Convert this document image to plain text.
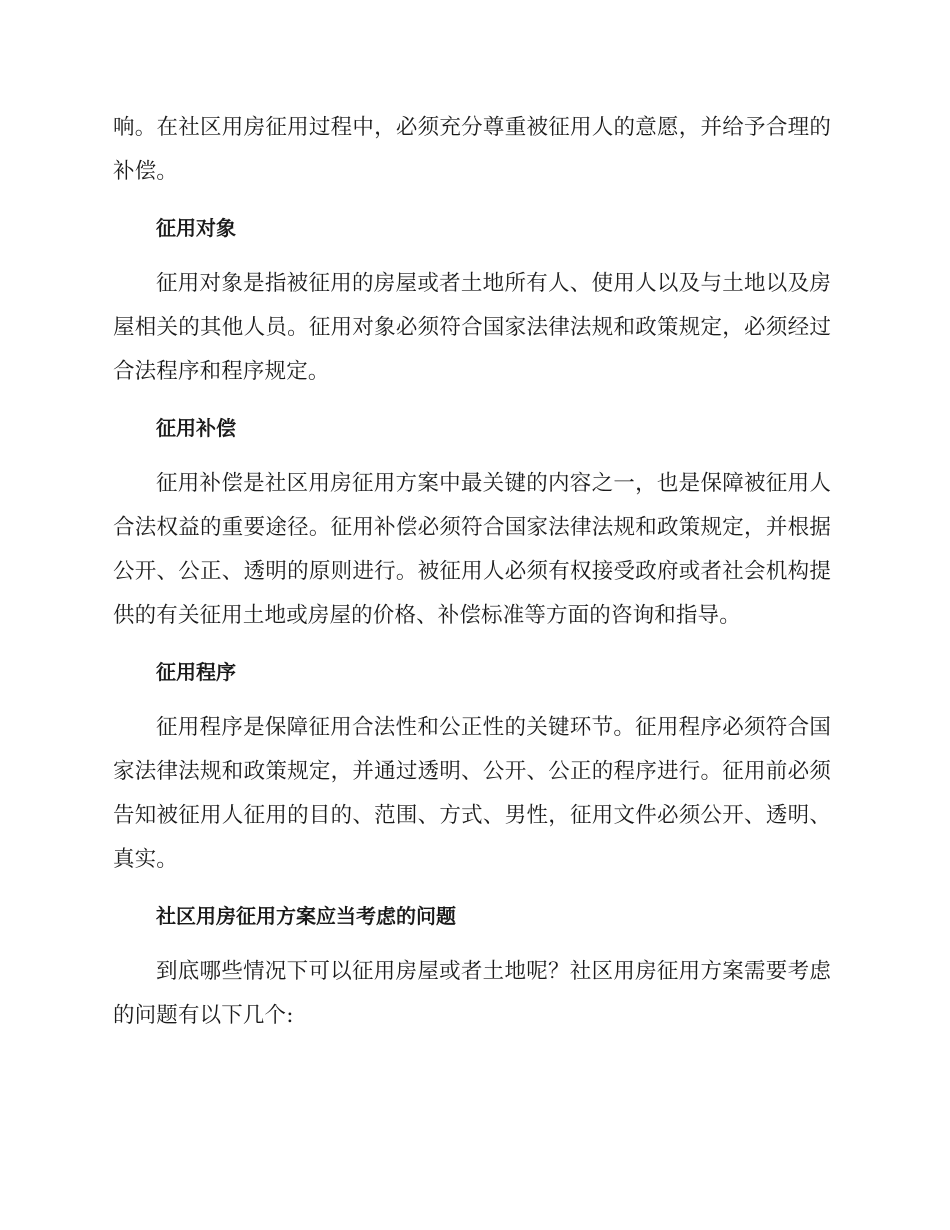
响。在社区用房征用过程中，必须充分尊重被征用人的意愿，并给予合理的补偿。

征用对象

征用对象是指被征用的房屋或者土地所有人、使用人以及与土地以及房屋相关的其他人员。征用对象必须符合国家法律法规和政策规定，必须经过合法程序和程序规定。

征用补偿

征用补偿是社区用房征用方案中最关键的内容之一，也是保障被征用人合法权益的重要途径。征用补偿必须符合国家法律法规和政策规定，并根据公开、公正、透明的原则进行。被征用人必须有权接受政府或者社会机构提供的有关征用土地或房屋的价格、补偿标准等方面的咨询和指导。

征用程序

征用程序是保障征用合法性和公正性的关键环节。征用程序必须符合国家法律法规和政策规定，并通过透明、公开、公正的程序进行。征用前必须告知被征用人征用的目的、范围、方式、男性，征用文件必须公开、透明、真实。

社区用房征用方案应当考虑的问题

到底哪些情况下可以征用房屋或者土地呢？社区用房征用方案需要考虑的问题有以下几个:
